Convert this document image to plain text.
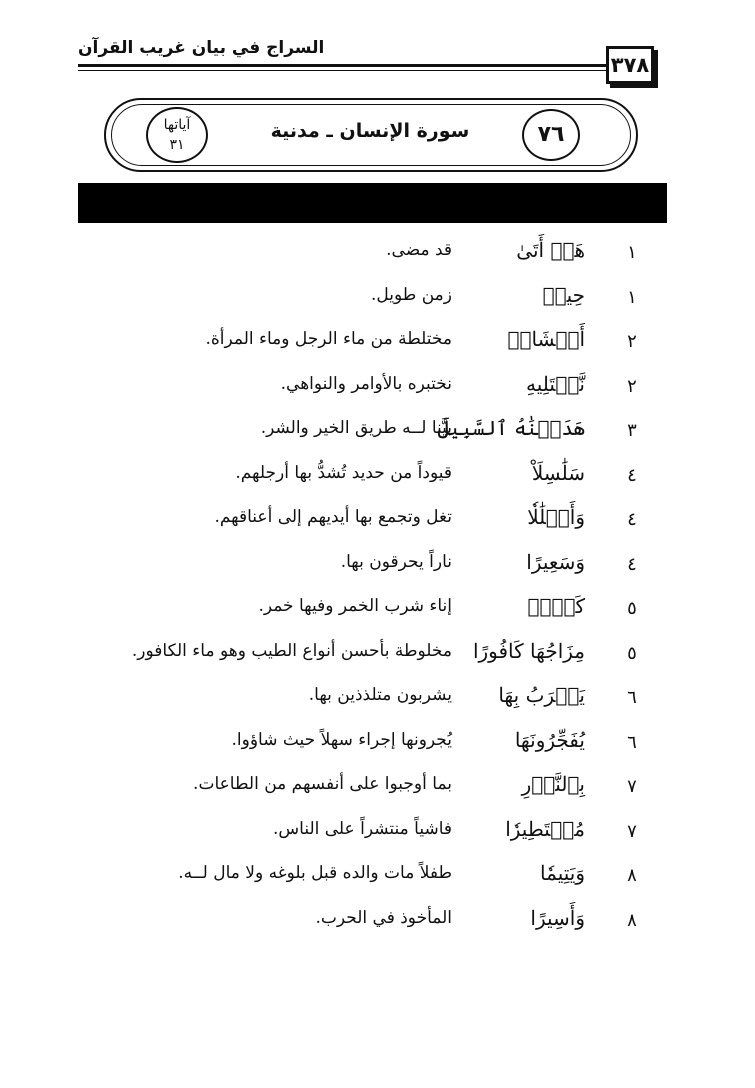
السراج في بيان غريب القرآن
٣٧٨
٧٦
سورة الإنسان ـ مدنية
آياتها
٣١
١
هَلۡ أَتَىٰ
قد مضى.
١
حِينٞ
زمن طويل.
٢
أَمۡشَاجٖ
مختلطة من ماء الرجل وماء المرأة.
٢
نَّبۡتَلِيهِ
نختبره بالأوامر والنواهي.
٣
هَدَيۡنَٰهُ ٱلسَّبِيلَ
بيَّنا لــه طريق الخير والشر.
٤
سَلَٰسِلَاْ
قيوداً من حديد تُشدُّ بها أرجلهم.
٤
وَأَغۡلَٰلٗا
تغل وتجمع بها أيديهم إلى أعناقهم.
٤
وَسَعِيرًا
ناراً يحرقون بها.
٥
كَأۡسٖ
إناء شرب الخمر وفيها خمر.
٥
مِزَاجُهَا كَافُورًا
مخلوطة بأحسن أنواع الطيب وهو ماء الكافور.
٦
يَشۡرَبُ بِهَا
يشربون متلذذين بها.
٦
يُفَجِّرُونَهَا
يُجرونها إجراء سهلاً حيث شاؤوا.
٧
بِٱلنَّذۡرِ
بما أوجبوا على أنفسهم من الطاعات.
٧
مُسۡتَطِيرٗا
فاشياً منتشراً على الناس.
٨
وَيَتِيمٗا
طفلاً مات والده قبل بلوغه ولا مال لــه.
٨
وَأَسِيرًا
المأخوذ في الحرب.
